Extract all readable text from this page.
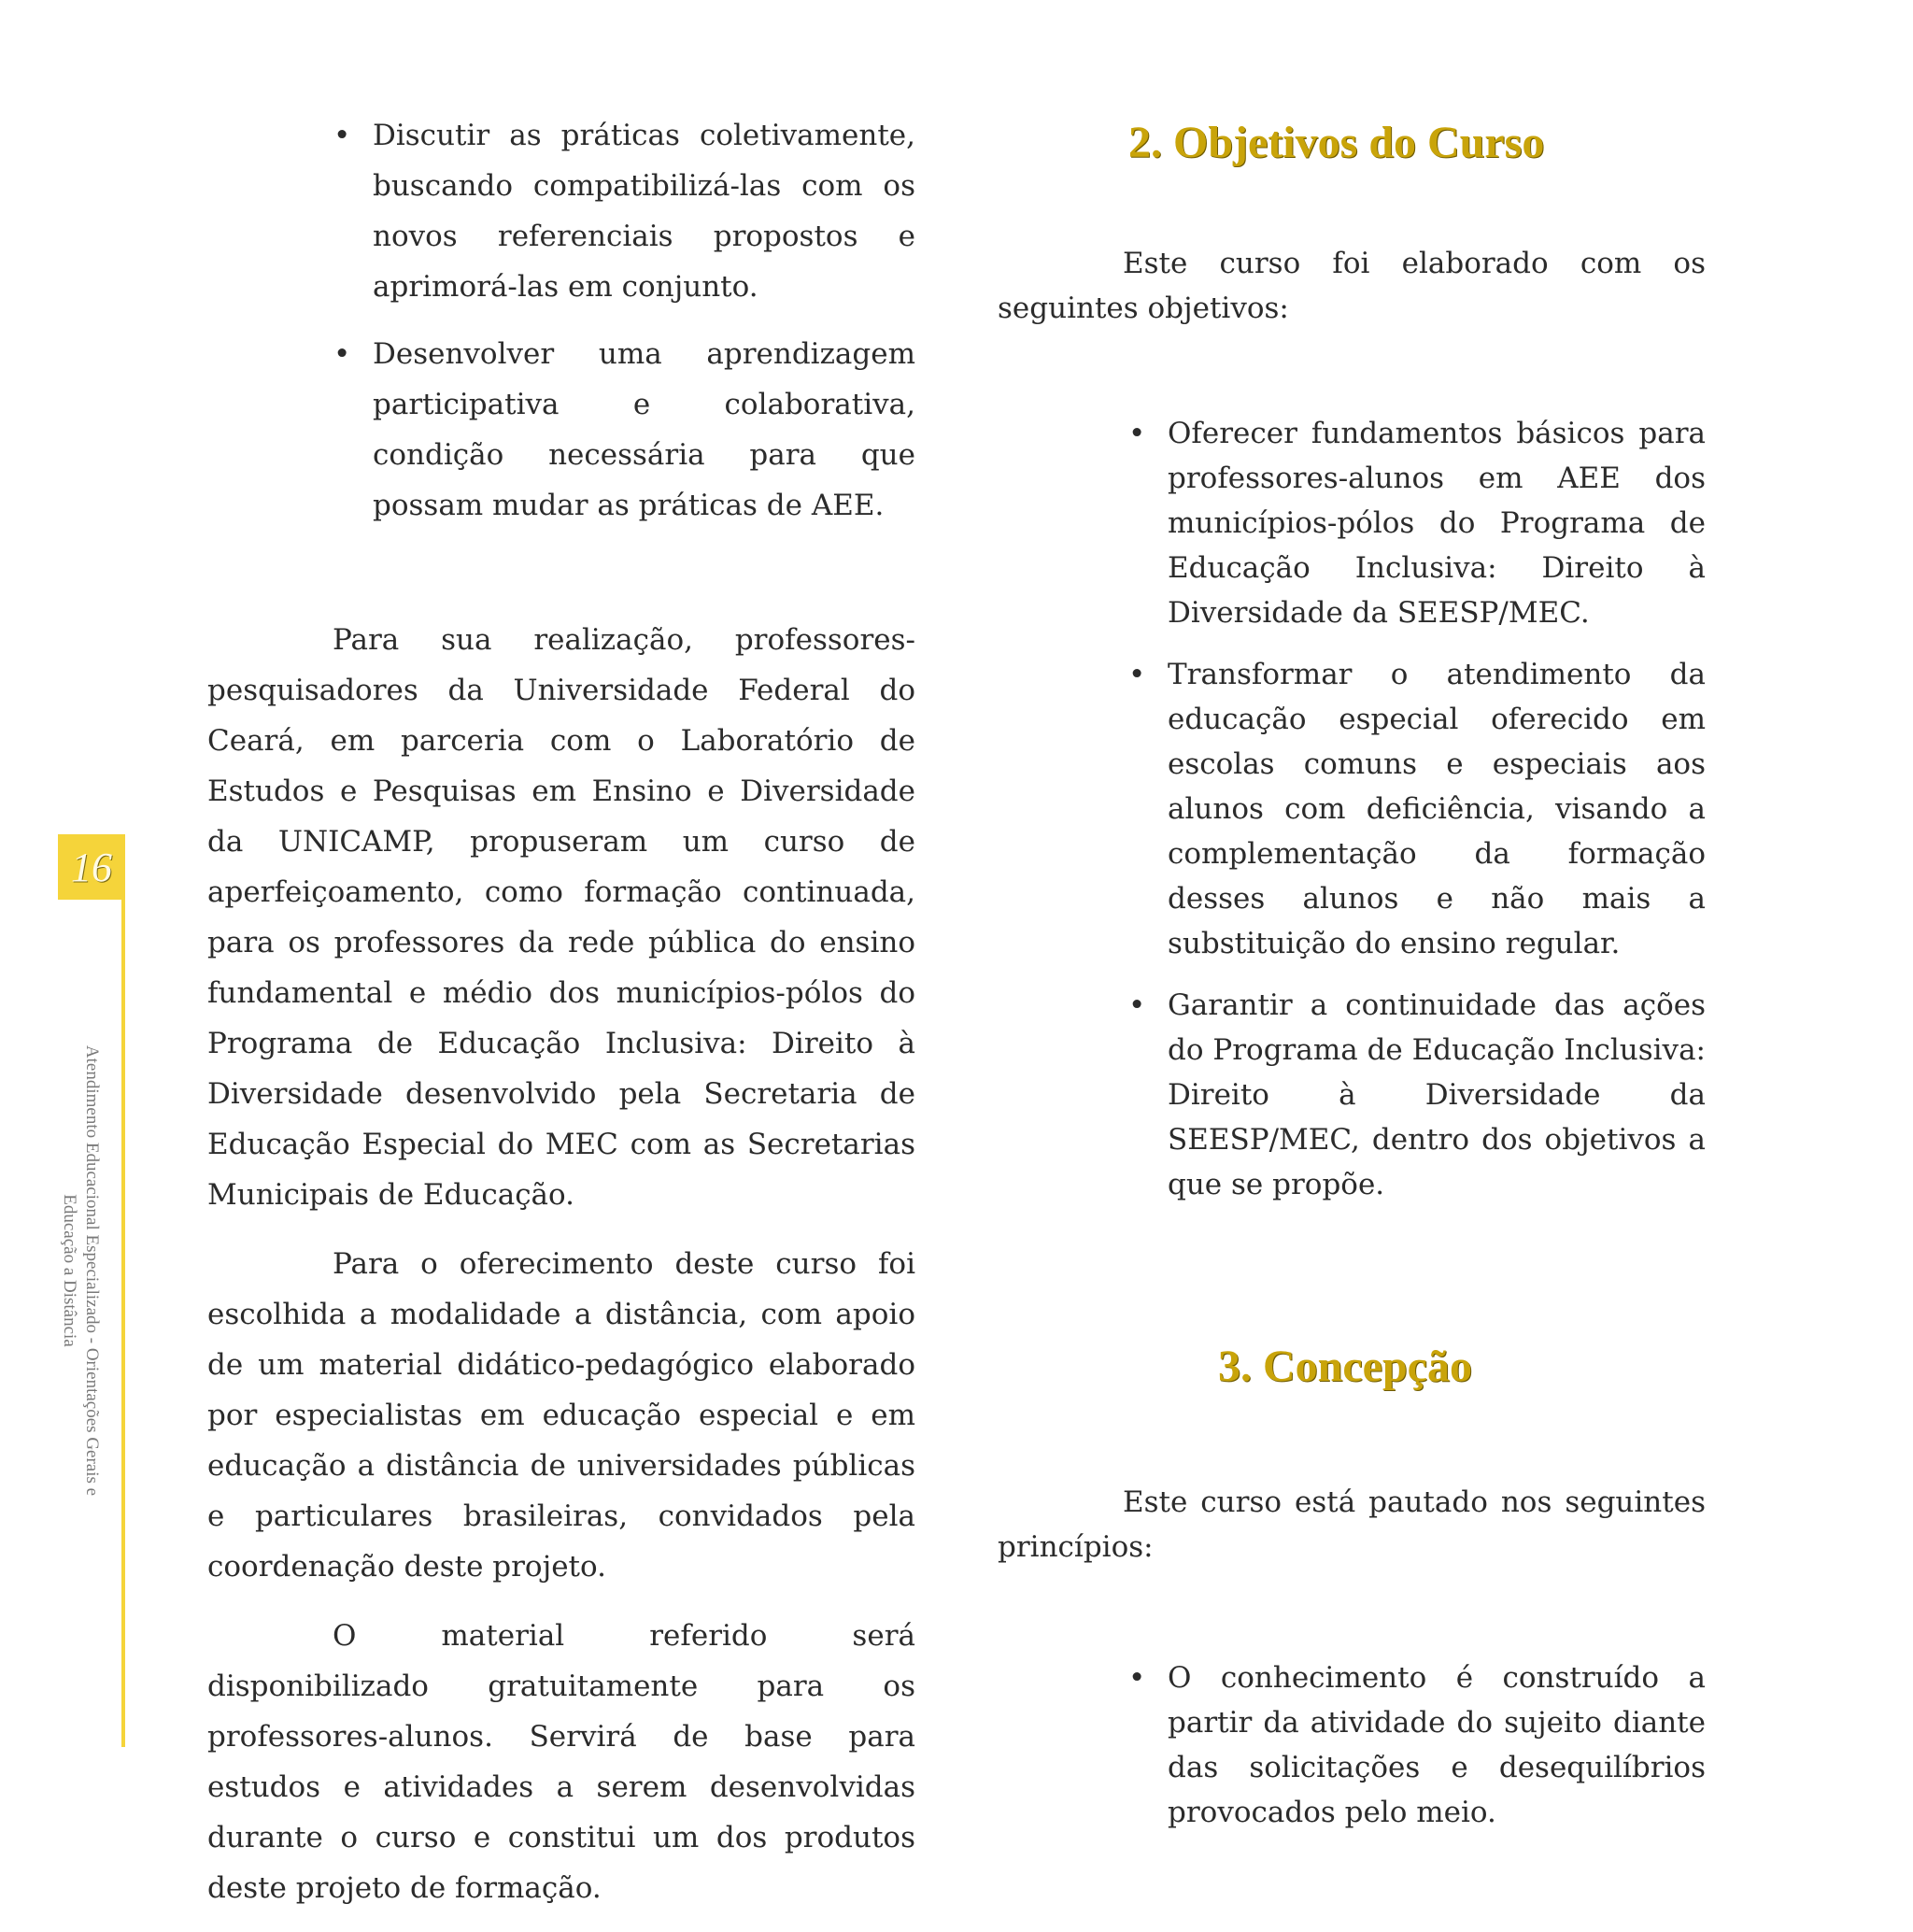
• Discutir as práticas coletivamente, buscando compatibilizá-las com os novos referenciais propostos e aprimorá-las em conjunto.
• Desenvolver uma aprendizagem participativa e colaborativa, condição necessária para que possam mudar as práticas de AEE.

Para sua realização, professores-pesquisadores da Universidade Federal do Ceará, em parceria com o Laboratório de Estudos e Pesquisas em Ensino e Diversidade da UNICAMP, propuseram um curso de aperfeiçoamento, como formação continuada, para os professores da rede pública do ensino fundamental e médio dos municípios-pólos do Programa de Educação Inclusiva: Direito à Diversidade desenvolvido pela Secretaria de Educação Especial do MEC com as Secretarias Municipais de Educação.

Para o oferecimento deste curso foi escolhida a modalidade a distância, com apoio de um material didático-pedagógico elaborado por especialistas em educação especial e em educação a distância de universidades públicas e particulares brasileiras, convidados pela coordenação deste projeto.

O material referido será disponibilizado gratuitamente para os professores-alunos. Servirá de base para estudos e atividades a serem desenvolvidas durante o curso e constitui um dos produtos deste projeto de formação.

2. Objetivos do Curso

Este curso foi elaborado com os seguintes objetivos:

• Oferecer fundamentos básicos para professores-alunos em AEE dos municípios-pólos do Programa de Educação Inclusiva: Direito à Diversidade da SEESP/MEC.
• Transformar o atendimento da educação especial oferecido em escolas comuns e especiais aos alunos com deficiência, visando a complementação da formação desses alunos e não mais a substituição do ensino regular.
• Garantir a continuidade das ações do Programa de Educação Inclusiva: Direito à Diversidade da SEESP/MEC, dentro dos objetivos a que se propõe.
3. Concepção

Este curso está pautado nos seguintes princípios:

• O conhecimento é construído a partir da atividade do sujeito diante das solicitações e desequilíbrios provocados pelo meio.
16
Atendimento Educacional Especializado - Orientações Gerais e
Educação a Distância
